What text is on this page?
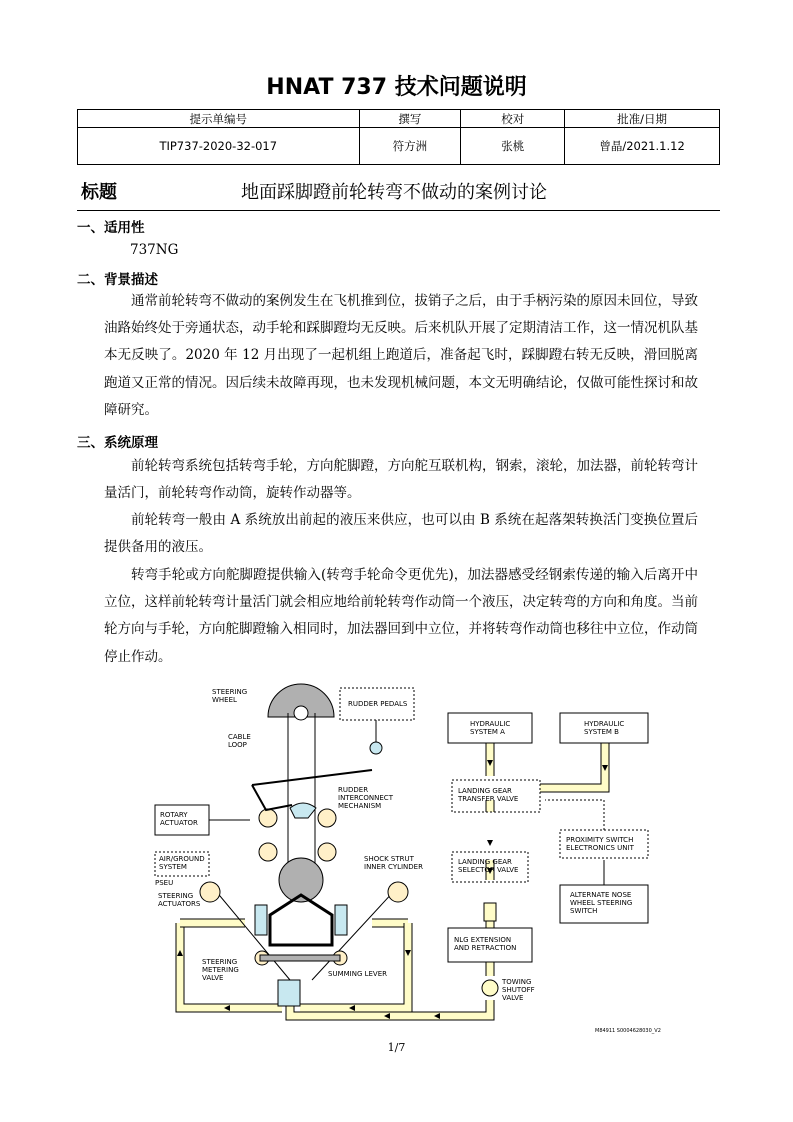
HNAT 737 技术问题说明
提示单编号	撰写	校对	批准/日期
TIP737-2020-32-017	符方洲	张桃	曾晶/2021.1.12
标题	地面踩脚蹬前轮转弯不做动的案例讨论
一、适用性
737NG
二、背景描述
通常前轮转弯不做动的案例发生在飞机推到位，拔销子之后，由于手柄污染的原因未回位，导致油路始终处于旁通状态，动手轮和踩脚蹬均无反映。后来机队开展了定期清洁工作，这一情况机队基本无反映了。2020 年 12 月出现了一起机组上跑道后，准备起飞时，踩脚蹬右转无反映，滑回脱离跑道又正常的情况。因后续未故障再现，也未发现机械问题，本文无明确结论，仅做可能性探讨和故障研究。
三、系统原理
前轮转弯系统包括转弯手轮，方向舵脚蹬，方向舵互联机构，钢索，滚轮，加法器，前轮转弯计量活门，前轮转弯作动筒，旋转作动器等。
前轮转弯一般由 A 系统放出前起的液压来供应，也可以由 B 系统在起落架转换活门变换位置后提供备用的液压。
转弯手轮或方向舵脚蹬提供输入(转弯手轮命令更优先)，加法器感受经钢索传递的输入后离开中立位，这样前轮转弯计量活门就会相应地给前轮转弯作动筒一个液压，决定转弯的方向和角度。当前轮方向与手轮，方向舵脚蹬输入相同时，加法器回到中立位，并将转弯作动筒也移往中立位，作动筒停止作动。
RUDDER PEDALS
ROTARY
ACTUATOR
AIR/GROUND
SYSTEM
PSEU
STEERING
WHEEL
CABLE
LOOP
RUDDER
INTERCONNECT
MECHANISM
SHOCK STRUT
INNER CYLINDER
STEERING
ACTUATORS
STEERING
METERING
VALVE	SUMMING LEVER
HYDRAULIC
SYSTEM A
HYDRAULIC
SYSTEM B
LANDING GEAR
TRANSFER VALVE
PROXIMITY SWITCH
ELECTRONICS UNIT
LANDING GEAR
SELECTOR VALVE
ALTERNATE NOSE
WHEEL STEERING
SWITCH
NLG EXTENSION
AND RETRACTION
TOWING
SHUTOFF
VALVE
M84911 S0004628030_V2
1/7
